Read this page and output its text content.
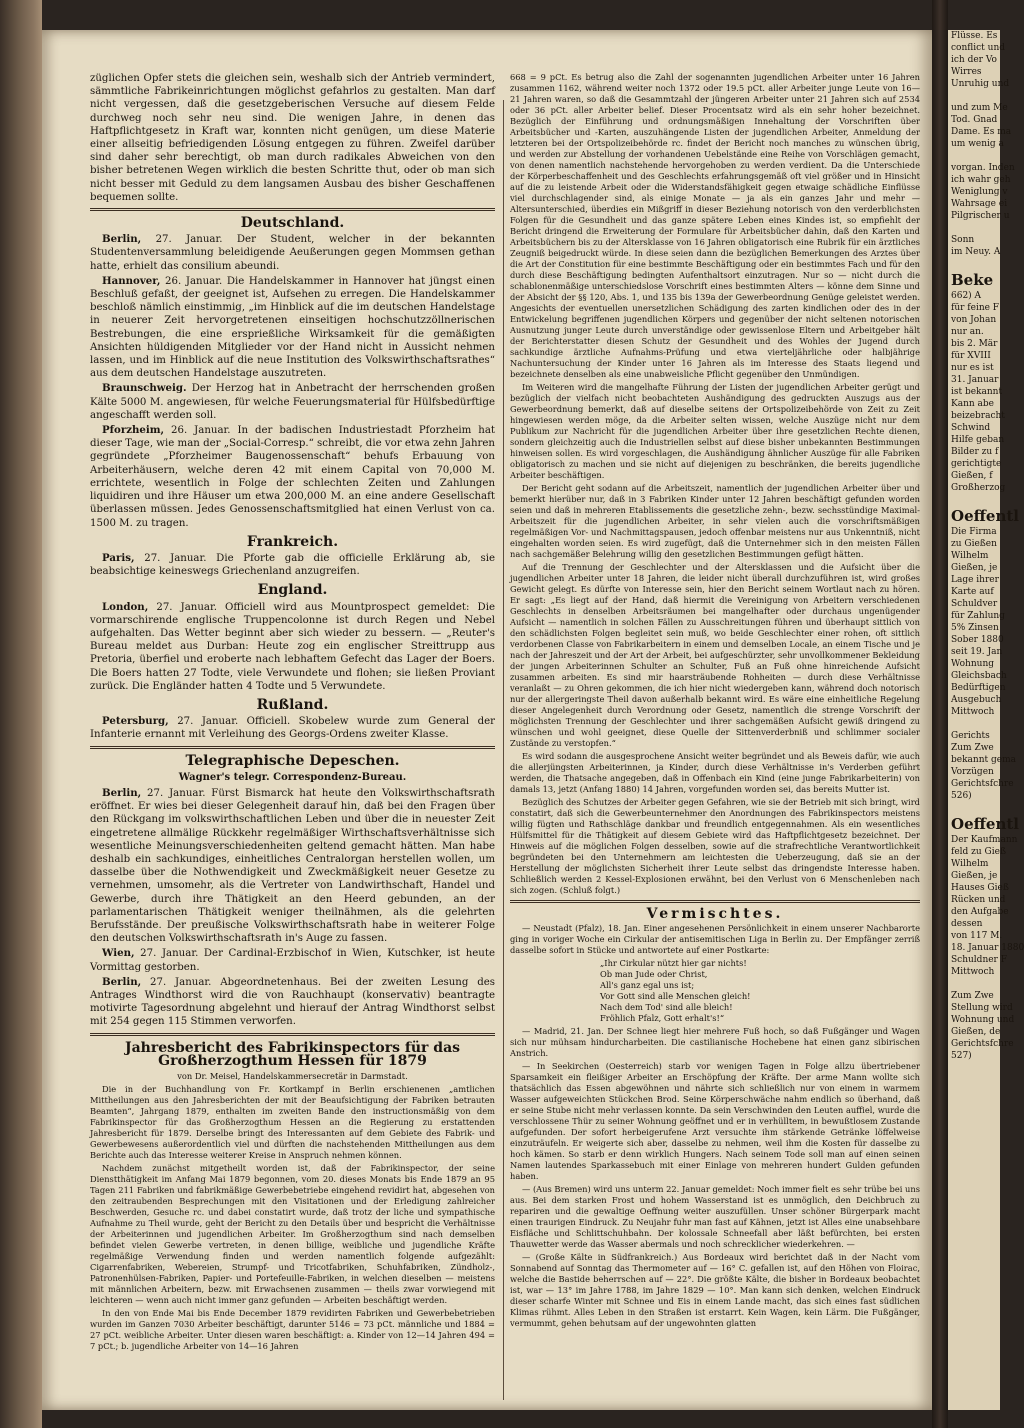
züglichen Opfer stets die gleichen sein, weshalb sich der Antrieb vermindert, sämmtliche Fabrikeinrichtungen möglichst gefahrlos zu gestalten. Man darf nicht vergessen, daß die gesetzgeberischen Versuche auf diesem Felde durchweg noch sehr neu sind. Die wenigen Jahre, in denen das Haftpflichtgesetz in Kraft war, konnten nicht genügen, um diese Materie einer allseitig befriedigenden Lösung entgegen zu führen. Zweifel darüber sind daher sehr berechtigt, ob man durch radikales Abweichen von den bisher betretenen Wegen wirklich die besten Schritte thut, oder ob man sich nicht besser mit Geduld zu dem langsamen Ausbau des bisher Geschaffenen bequemen sollte.

Deutschland.

Berlin, 27. Januar. Der Student, welcher in der bekannten Studentenversammlung beleidigende Aeußerungen gegen Mommsen gethan hatte, erhielt das consilium abeundi.

Hannover, 26. Januar. Die Handelskammer in Hannover hat jüngst einen Beschluß gefaßt, der geeignet ist, Aufsehen zu erregen. Die Handelskammer beschloß nämlich einstimmig, „im Hinblick auf die im deutschen Handelstage in neuerer Zeit hervorgetretenen einseitigen hochschutzzöllnerischen Bestrebungen, die eine ersprießliche Wirksamkeit für die gemäßigten Ansichten hüldigenden Mitglieder vor der Hand nicht in Aussicht nehmen lassen, und im Hinblick auf die neue Institution des Volkswirthschaftsrathes“ aus dem deutschen Handelstage auszutreten.

Braunschweig. Der Herzog hat in Anbetracht der herrschenden großen Kälte 5000 M. angewiesen, für welche Feuerungsmaterial für Hülfsbedürftige angeschafft werden soll.

Pforzheim, 26. Januar. In der badischen Industriestadt Pforzheim hat dieser Tage, wie man der „Social-Corresp.“ schreibt, die vor etwa zehn Jahren gegründete „Pforzheimer Baugenossenschaft“ behufs Erbauung von Arbeiterhäusern, welche deren 42 mit einem Capital von 70,000 M. errichtete, wesentlich in Folge der schlechten Zeiten und Zahlungen liquidiren und ihre Häuser um etwa 200,000 M. an eine andere Gesellschaft überlassen müssen. Jedes Genossenschaftsmitglied hat einen Verlust von ca. 1500 M. zu tragen.

Frankreich.

Paris, 27. Januar. Die Pforte gab die officielle Erklärung ab, sie beabsichtige keineswegs Griechenland anzugreifen.

England.

London, 27. Januar. Officiell wird aus Mountprospect gemeldet: Die vormarschirende englische Truppencolonne ist durch Regen und Nebel aufgehalten. Das Wetter beginnt aber sich wieder zu bessern. — „Reuter's Bureau meldet aus Durban: Heute zog ein englischer Streittrupp aus Pretoria, überfiel und eroberte nach lebhaftem Gefecht das Lager der Boers. Die Boers hatten 27 Todte, viele Verwundete und flohen; sie ließen Proviant zurück. Die Engländer hatten 4 Todte und 5 Verwundete.

Rußland.

Petersburg, 27. Januar. Officiell. Skobelew wurde zum General der Infanterie ernannt mit Verleihung des Georgs-Ordens zweiter Klasse.

Telegraphische Depeschen.
Wagner's telegr. Correspondenz-Bureau.

Berlin, 27. Januar. Fürst Bismarck hat heute den Volkswirthschaftsrath eröffnet. Er wies bei dieser Gelegenheit darauf hin, daß bei den Fragen über den Rückgang im volkswirthschaftlichen Leben und über die in neuester Zeit eingetretene allmälige Rückkehr regelmäßiger Wirthschaftsverhältnisse sich wesentliche Meinungsverschiedenheiten geltend gemacht hätten. Man habe deshalb ein sachkundiges, einheitliches Centralorgan herstellen wollen, um dasselbe über die Nothwendigkeit und Zweckmäßigkeit neuer Gesetze zu vernehmen, umsomehr, als die Vertreter von Landwirthschaft, Handel und Gewerbe, durch ihre Thätigkeit an den Heerd gebunden, an der parlamentarischen Thätigkeit weniger theilnähmen, als die gelehrten Berufsstände. Der preußische Volkswirthschaftsrath habe in weiterer Folge den deutschen Volkswirthschaftsrath in's Auge zu fassen.

Wien, 27. Januar. Der Cardinal-Erzbischof in Wien, Kutschker, ist heute Vormittag gestorben.

Berlin, 27. Januar. Abgeordnetenhaus. Bei der zweiten Lesung des Antrages Windthorst wird die von Rauchhaupt (konservativ) beantragte motivirte Tagesordnung abgelehnt und hierauf der Antrag Windthorst selbst mit 254 gegen 115 Stimmen verworfen.

Jahresbericht des Fabrikinspectors für das Großherzogthum Hessen für 1879

von Dr. Meisel, Handelskammersecretär in Darmstadt.

Die in der Buchhandlung von Fr. Kortkampf in Berlin erschienenen „amtlichen Mittheilungen aus den Jahresberichten der mit der Beaufsichtigung der Fabriken betrauten Beamten“, Jahrgang 1879, enthalten im zweiten Bande den instructionsmäßig von dem Fabrikinspector für das Großherzogthum Hessen an die Regierung zu erstattenden Jahresbericht für 1879. Derselbe bringt des Interessanten auf dem Gebiete des Fabrik- und Gewerbewesens außerordentlich viel und dürften die nachstehenden Mittheilungen aus dem Berichte auch das Interesse weiterer Kreise in Anspruch nehmen können.

Nachdem zunächst mitgetheilt worden ist, daß der Fabrikinspector, der seine Dienstthätigkeit im Anfang Mai 1879 begonnen, vom 20. dieses Monats bis Ende 1879 an 95 Tagen 211 Fabriken und fabrikmäßige Gewerbebetriebe eingehend revidirt hat, abgesehen von den zeitraubenden Besprechungen mit den Visitationen und der Erledigung zahlreicher Beschwerden, Gesuche rc. und dabei constatirt wurde, daß trotz der liche und sympathische Aufnahme zu Theil wurde, geht der Bericht zu den Details über und bespricht die Verhältnisse der Arbeiterinnen und jugendlichen Arbeiter. Im Großherzogthum sind nach demselben befindet vielen Gewerbe vertreten, in denen billige, weibliche und jugendliche Kräfte regelmäßige Verwendung finden und werden namentlich folgende aufgezählt: Cigarrenfabriken, Webereien, Strumpf- und Tricotfabriken, Schuhfabriken, Zündholz-, Patronenhülsen-Fabriken, Papier- und Portefeuille-Fabriken, in welchen dieselben — meistens mit männlichen Arbeitern, bezw. mit Erwachsenen zusammen — theils zwar vorwiegend mit leichteren — wenn auch nicht immer ganz gefunden — Arbeiten beschäftigt werden.

In den von Ende Mai bis Ende December 1879 revidirten Fabriken und Gewerbebetrieben wurden im Ganzen 7030 Arbeiter beschäftigt, darunter 5146 = 73 pCt. männliche und 1884 = 27 pCt. weibliche Arbeiter. Unter diesen waren beschäftigt: a. Kinder von 12—14 Jahren 494 = 7 pCt.; b. jugendliche Arbeiter von 14—16 Jahren

668 = 9 pCt. Es betrug also die Zahl der sogenannten jugendlichen Arbeiter unter 16 Jahren zusammen 1162, während weiter noch 1372 oder 19.5 pCt. aller Arbeiter junge Leute von 16—21 Jahren waren, so daß die Gesammtzahl der jüngeren Arbeiter unter 21 Jahren sich auf 2534 oder 36 pCt. aller Arbeiter belief. Dieser Procentsatz wird als ein sehr hoher bezeichnet. Bezüglich der Einführung und ordnungsmäßigen Innehaltung der Vorschriften über Arbeitsbücher und -Karten, auszuhängende Listen der jugendlichen Arbeiter, Anmeldung der letzteren bei der Ortspolizeibehörde rc. findet der Bericht noch manches zu wünschen übrig, und werden zur Abstellung der vorhandenen Uebelstände eine Reihe von Vorschlägen gemacht, von denen namentlich nachstehende hervorgehoben zu werden verdient. Da die Unterschiede der Körperbeschaffenheit und des Geschlechts erfahrungsgemäß oft viel größer und in Hinsicht auf die zu leistende Arbeit oder die Widerstandsfähigkeit gegen etwaige schädliche Einflüsse viel durchschlagender sind, als einige Monate — ja als ein ganzes Jahr und mehr — Altersunterschied, überdies ein Mißgriff in dieser Beziehung notorisch von den verderblichsten Folgen für die Gesundheit und das ganze spätere Leben eines Kindes ist, so empfiehlt der Bericht dringend die Erweiterung der Formulare für Arbeitsbücher dahin, daß den Karten und Arbeitsbüchern bis zu der Altersklasse von 16 Jahren obligatorisch eine Rubrik für ein ärztliches Zeugniß beigedruckt würde. In diese seien dann die bezüglichen Bemerkungen des Arztes über die Art der Constitution für eine bestimmte Beschäftigung oder ein bestimmtes Fach und für den durch diese Beschäftigung bedingten Aufenthaltsort einzutragen. Nur so — nicht durch die schablonenmäßige unterschiedslose Vorschrift eines bestimmten Alters — könne dem Sinne und der Absicht der §§ 120, Abs. 1, und 135 bis 139a der Gewerbeordnung Genüge geleistet werden. Angesichts der eventuellen unersetzlichen Schädigung des zarten kindlichen oder des in der Entwickelung begriffenen jugendlichen Körpers und gegenüber der nicht seltenen notorischen Ausnutzung junger Leute durch unverständige oder gewissenlose Eltern und Arbeitgeber hält der Berichterstatter diesen Schutz der Gesundheit und des Wohles der Jugend durch sachkundige ärztliche Aufnahms-Prüfung und etwa vierteljährliche oder halbjährige Nachuntersuchung der Kinder unter 16 Jahren als im Interesse des Staats liegend und bezeichnete denselben als eine unabweisliche Pflicht gegenüber den Unmündigen.

Im Weiteren wird die mangelhafte Führung der Listen der jugendlichen Arbeiter gerügt und bezüglich der vielfach nicht beobachteten Aushändigung des gedruckten Auszugs aus der Gewerbeordnung bemerkt, daß auf dieselbe seitens der Ortspolizeibehörde von Zeit zu Zeit hingewiesen werden möge, da die Arbeiter selten wissen, welche Auszüge nicht nur dem Publikum zur Nachricht für die jugendlichen Arbeiter über ihre gesetzlichen Rechte dienen, sondern gleichzeitig auch die Industriellen selbst auf diese bisher unbekannten Bestimmungen hinweisen sollen. Es wird vorgeschlagen, die Aushändigung ähnlicher Auszüge für alle Fabriken obligatorisch zu machen und sie nicht auf diejenigen zu beschränken, die bereits jugendliche Arbeiter beschäftigen.

Der Bericht geht sodann auf die Arbeitszeit, namentlich der jugendlichen Arbeiter über und bemerkt hierüber nur, daß in 3 Fabriken Kinder unter 12 Jahren beschäftigt gefunden worden seien und daß in mehreren Etablissements die gesetzliche zehn-, bezw. sechsstündige Maximal-Arbeitszeit für die jugendlichen Arbeiter, in sehr vielen auch die vorschriftsmäßigen regelmäßigen Vor- und Nachmittagspausen, jedoch offenbar meistens nur aus Unkenntniß, nicht eingehalten worden seien. Es wird zugefügt, daß die Unternehmer sich in den meisten Fällen nach sachgemäßer Belehrung willig den gesetzlichen Bestimmungen gefügt hätten.

Auf die Trennung der Geschlechter und der Altersklassen und die Aufsicht über die jugendlichen Arbeiter unter 18 Jahren, die leider nicht überall durchzuführen ist, wird großes Gewicht gelegt. Es dürfte von Interesse sein, hier den Bericht seinem Wortlaut nach zu hören. Er sagt: „Es liegt auf der Hand, daß hiermit die Vereinigung von Arbeitern verschiedenen Geschlechts in denselben Arbeitsräumen bei mangelhafter oder durchaus ungenügender Aufsicht — namentlich in solchen Fällen zu Ausschreitungen führen und überhaupt sittlich von den schädlichsten Folgen begleitet sein muß, wo beide Geschlechter einer rohen, oft sittlich verdorbenen Classe von Fabrikarbeitern in einem und demselben Locale, an einem Tische und je nach der Jahreszeit und der Art der Arbeit, bei aufgeschürzter, sehr unvollkommener Bekleidung der jungen Arbeiterinnen Schulter an Schulter, Fuß an Fuß ohne hinreichende Aufsicht zusammen arbeiten. Es sind mir haarsträubende Rohheiten — durch diese Verhältnisse veranlaßt — zu Ohren gekommen, die ich hier nicht wiedergeben kann, während doch notorisch nur der allergeringste Theil davon außerhalb bekannt wird. Es wäre eine einheitliche Regelung dieser Angelegenheit durch Verordnung oder Gesetz, namentlich die strenge Vorschrift der möglichsten Trennung der Geschlechter und ihrer sachgemäßen Aufsicht gewiß dringend zu wünschen und wohl geeignet, diese Quelle der Sittenverderbniß und schlimmer socialer Zustände zu verstopfen.“

Es wird sodann die ausgesprochene Ansicht weiter begründet und als Beweis dafür, wie auch die allerjüngsten Arbeiterinnen, ja Kinder, durch diese Verhältnisse in's Verderben geführt werden, die Thatsache angegeben, daß in Offenbach ein Kind (eine junge Fabrikarbeiterin) von damals 13, jetzt (Anfang 1880) 14 Jahren, vorgefunden worden sei, das bereits Mutter ist.

Bezüglich des Schutzes der Arbeiter gegen Gefahren, wie sie der Betrieb mit sich bringt, wird constatirt, daß sich die Gewerbeunternehmer den Anordnungen des Fabrikinspectors meistens willig fügten und Rathschläge dankbar und freundlich entgegennahmen. Als ein wesentliches Hülfsmittel für die Thätigkeit auf diesem Gebiete wird das Haftpflichtgesetz bezeichnet. Der Hinweis auf die möglichen Folgen desselben, sowie auf die strafrechtliche Verantwortlichkeit begründeten bei den Unternehmern am leichtesten die Ueberzeugung, daß sie an der Herstellung der möglichsten Sicherheit ihrer Leute selbst das dringendste Interesse haben. Schließlich werden 2 Kessel-Explosionen erwähnt, bei den Verlust von 6 Menschenleben nach sich zogen. (Schluß folgt.)

Vermischtes.

— Neustadt (Pfalz), 18. Jan. Einer angesehenen Persönlichkeit in einem unserer Nachbarorte ging in voriger Woche ein Cirkular der antisemitischen Liga in Berlin zu. Der Empfänger zerriß dasselbe sofort in Stücke und antwortete auf einer Postkarte:

„Ihr Cirkular nützt hier gar nichts!
Ob man Jude oder Christ,
All's ganz egal uns ist;
Vor Gott sind alle Menschen gleich!
Nach dem Tod' sind alle bleich!
Fröhlich Pfalz, Gott erhalt's!“

— Madrid, 21. Jan. Der Schnee liegt hier mehrere Fuß hoch, so daß Fußgänger und Wagen sich nur mühsam hindurcharbeiten. Die castilianische Hochebene hat einen ganz sibirischen Anstrich.

— In Seekirchen (Oesterreich) starb vor wenigen Tagen in Folge allzu übertriebener Sparsamkeit ein fleißiger Arbeiter an Erschöpfung der Kräfte. Der arme Mann wollte sich thatsächlich das Essen abgewöhnen und nährte sich schließlich nur von einem in warmem Wasser aufgeweichten Stückchen Brod. Seine Körperschwäche nahm endlich so überhand, daß er seine Stube nicht mehr verlassen konnte. Da sein Verschwinden den Leuten auffiel, wurde die verschlossene Thür zu seiner Wohnung geöffnet und er in verhülltem, in bewußtlosem Zustande aufgefunden. Der sofort herbeigerufene Arzt versuchte ihm stärkende Getränke löffelweise einzuträufeln. Er weigerte sich aber, dasselbe zu nehmen, weil ihm die Kosten für dasselbe zu hoch kämen. So starb er denn wirklich Hungers. Nach seinem Tode soll man auf einen seinen Namen lautendes Sparkassebuch mit einer Einlage von mehreren hundert Gulden gefunden haben.

— (Aus Bremen) wird uns unterm 22. Januar gemeldet: Noch immer fielt es sehr trübe bei uns aus. Bei dem starken Frost und hohem Wasserstand ist es unmöglich, den Deichbruch zu repariren und die gewaltige Oeffnung weiter auszufüllen. Unser schöner Bürgerpark macht einen traurigen Eindruck. Zu Neujahr fuhr man fast auf Kähnen, jetzt ist Alles eine unabsehbare Eisfläche und Schlittschuhbahn. Der kolossale Schneefall aber läßt befürchten, bei ersten Thauwetter werde das Wasser abermals und noch schrecklicher wiederkehren. —

— (Große Kälte in Südfrankreich.) Aus Bordeaux wird berichtet daß in der Nacht vom Sonnabend auf Sonntag das Thermometer auf — 16° C. gefallen ist, auf den Höhen von Floirac, welche die Bastide beherrschen auf — 22°. Die größte Kälte, die bisher in Bordeaux beobachtet ist, war — 13° im Jahre 1788, im Jahre 1829 — 10°. Man kann sich denken, welchen Eindruck dieser scharfe Winter mit Schnee und Eis in einem Lande macht, das sich eines fast südlichen Klimas rühmt. Alles Leben in den Straßen ist erstarrt. Kein Wagen, kein Lärm. Die Fußgänger, vermummt, gehen behutsam auf der ungewohnten glatten

Flüsse. Es
conflict und
ich der Vo
Wirres
Unruhig und

und zum Me
Tod. Gnad
Dame. Es ma
um wenig a

vorgan. Inden
ich wahr geh
Weniglung v
Wahrsage ei
Pilgrischer u

Sonn
im Neuy. A

Beke
662) A
für feine F
von Johan
nur an.
bis 2. Mär
für XVIII
nur es ist
31. Januar
ist bekannt
Kann abe
beizebracht
Schwind
Hilfe geban
Bilder zu f
gerichtigte
Gießen, f
Großherzog

Oeffentl
Die Firma
zu Gießen
Wilhelm
Gießen, je
Lage ihrer
Karte auf
Schuldver
für Zahlung
5% Zinsen
Sober 1880
seit 19. Jan
Wohnung
Gleichsbach
Bedürftigen
Ausgebuch
Mittwoch

Gerichts
Zum Zwe
bekannt gema
Vorzügen
Gerichtsfchre
526)

Oeffentl
Der Kaufmann
feld zu Gieß
Wilhelm
Gießen, je
Hauses Gieß
Rücken und
den Aufgabe
dessen
von 117 M.
18. Januar 1880
Schuldner F
Mittwoch

Zum Zwe
Stellung wird
Wohnung und
Gießen, de
Gerichtsfchre
527)
